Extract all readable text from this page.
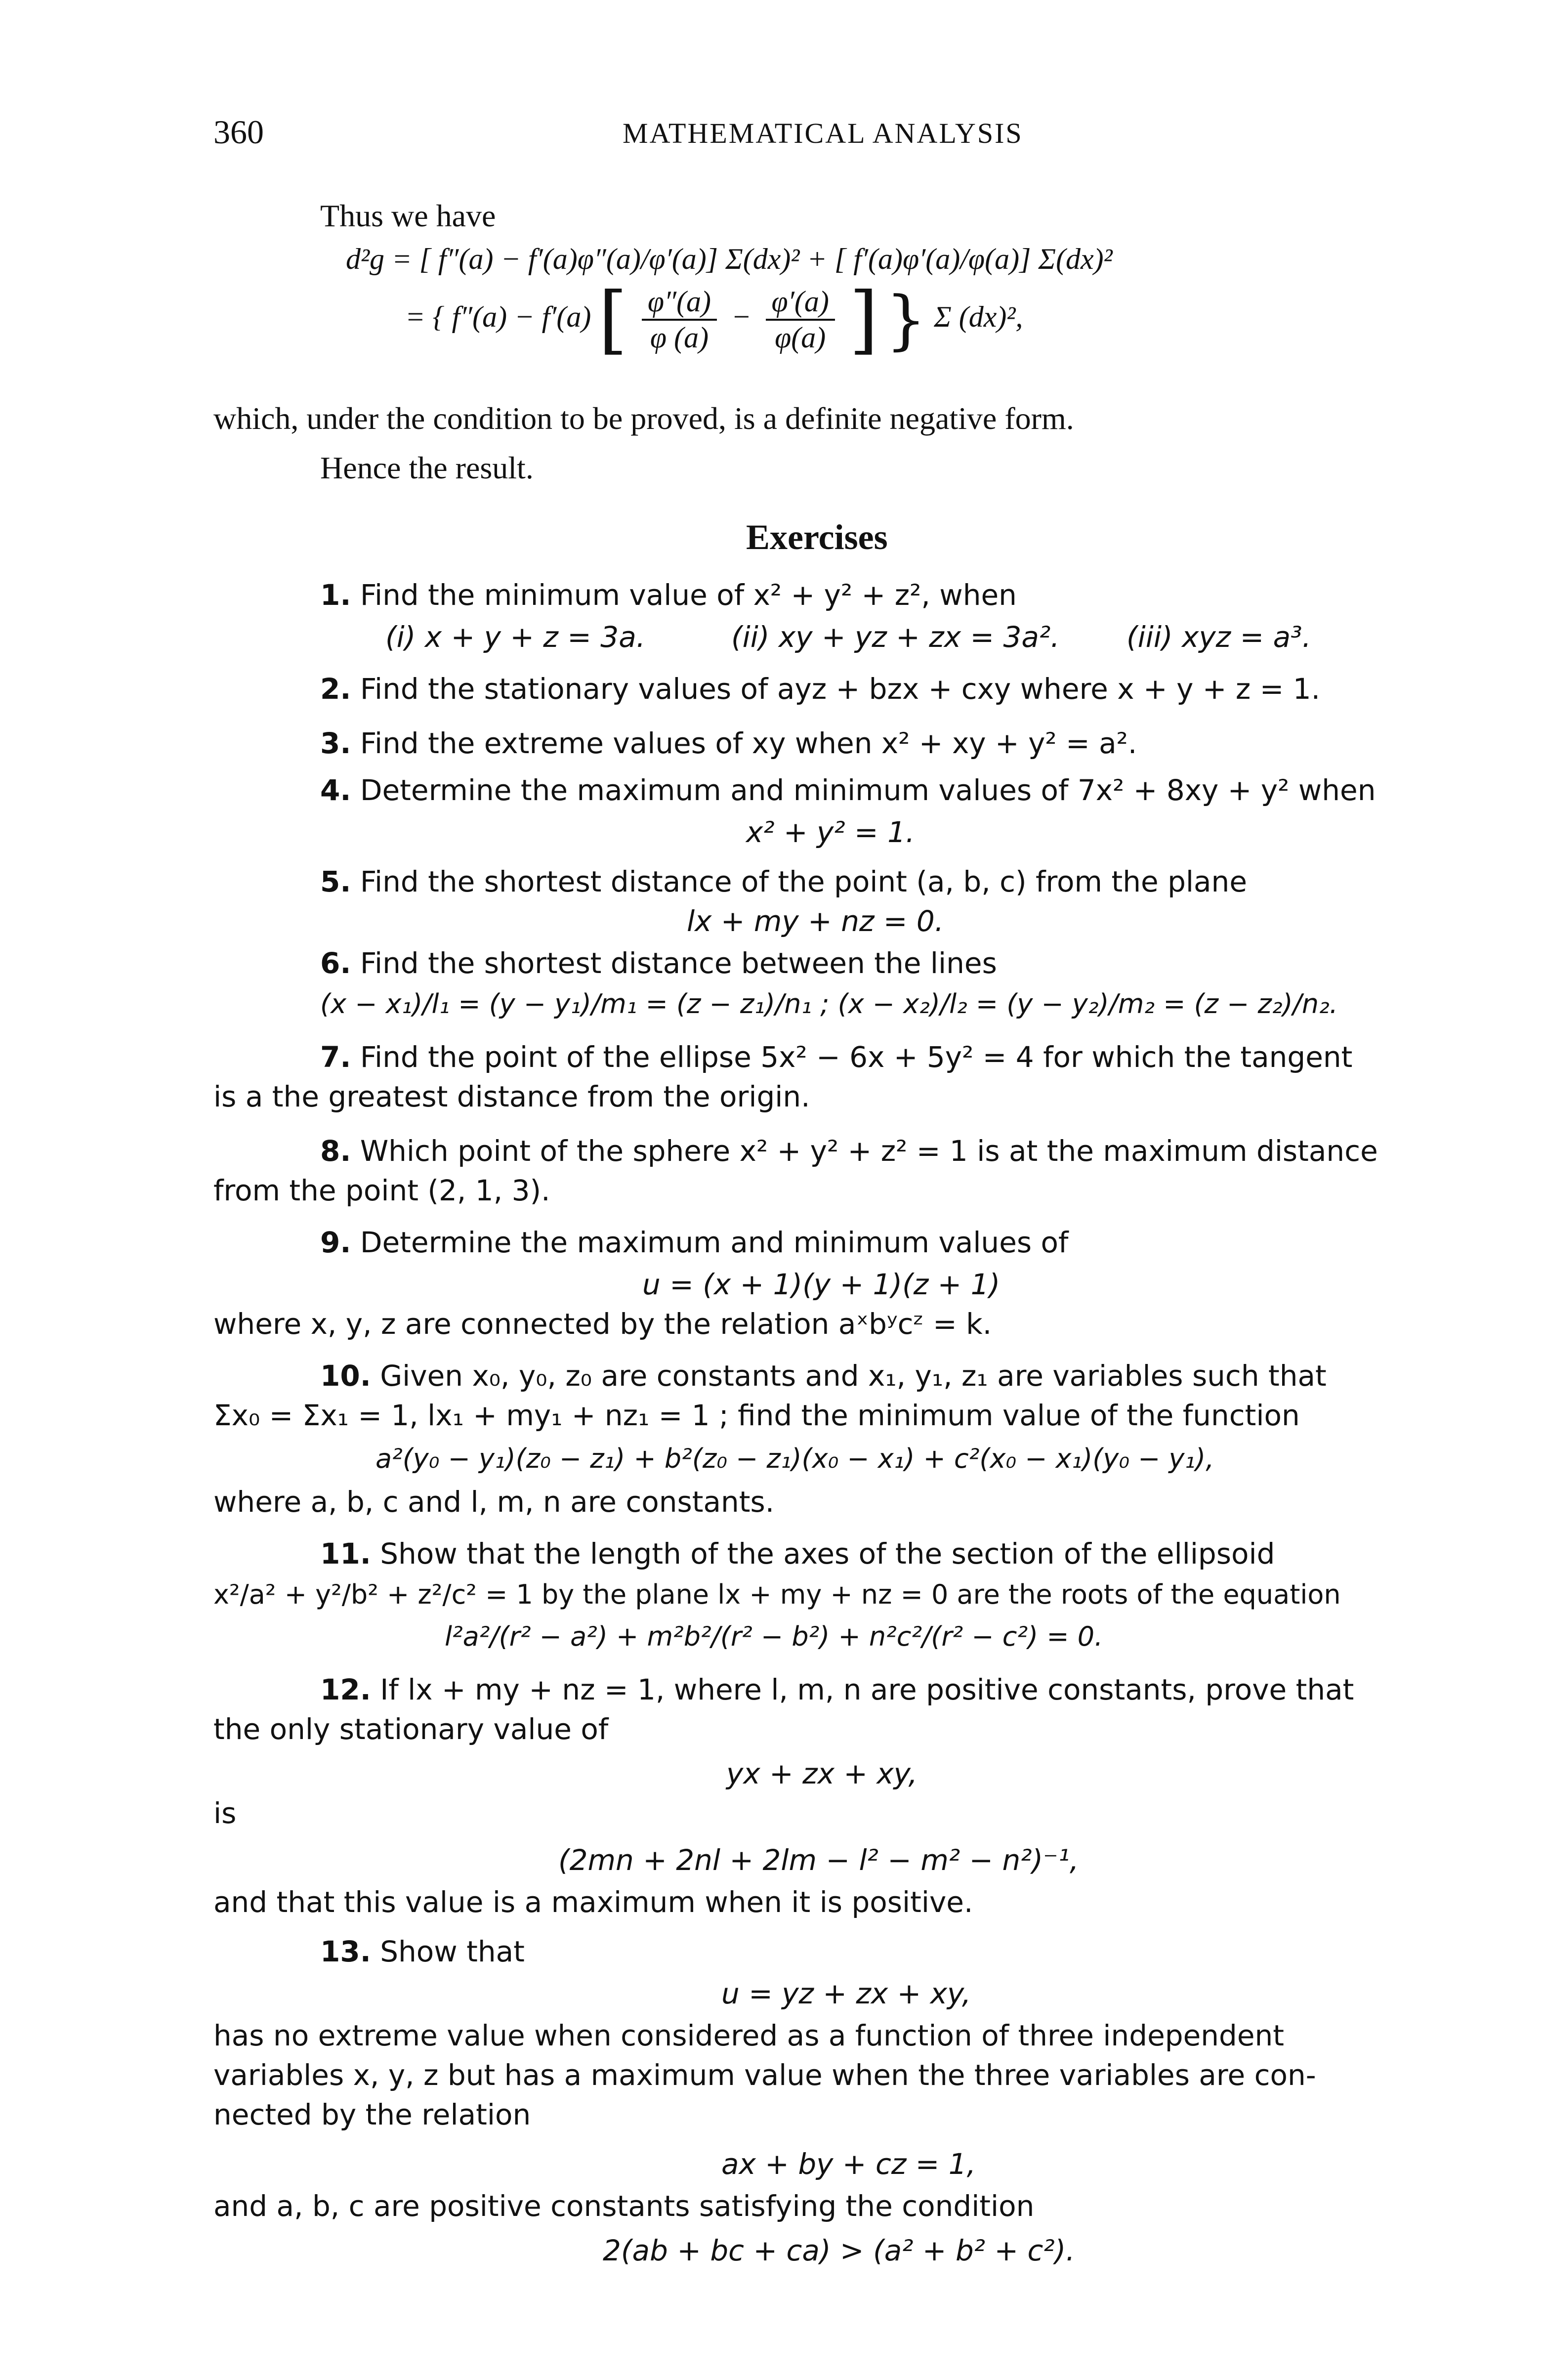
360	MATHEMATICAL ANALYSIS
Thus we have
d²g = [ f″(a) − f′(a)φ″(a)/φ′(a)] Σ(dx)² + [ f′(a)φ′(a)/φ(a)] Σ(dx)²
= { f″(a) − f′(a) [ $\frac{\varphi''(a)}{\varphi (a)} - \frac{\varphi'(a)}{\varphi(a)}$ ] } Σ (dx)²,
which, under the condition to be proved, is a definite negative form.
Hence the result.
Exercises
1. Find the minimum value of x² + y² + z², when
(i) x + y + z = 3a.	(ii) xy + yz + zx = 3a². (iii) xyz = a³.
2. Find the stationary values of ayz + bzx + cxy where x + y + z = 1.
3. Find the extreme values of xy when x² + xy + y² = a².
4. Determine the maximum and minimum values of 7x² + 8xy + y² when
x² + y² = 1.
5. Find the shortest distance of the point (a, b, c) from the plane
lx + my + nz = 0.
6. Find the shortest distance between the lines
(x − x₁)/l₁ = (y − y₁)/m₁ = (z − z₁)/n₁ ; (x − x₂)/l₂ = (y − y₂)/m₂ = (z − z₂)/n₂.
7. Find the point of the ellipse 5x² − 6x + 5y² = 4 for which the tangent
is a the greatest distance from the origin.
8. Which point of the sphere x² + y² + z² = 1 is at the maximum distance
from the point (2, 1, 3).
9. Determine the maximum and minimum values of
u = (x + 1)(y + 1)(z + 1)
where x, y, z are connected by the relation aˣbʸcᶻ = k.
10. Given x₀, y₀, z₀ are constants and x₁, y₁, z₁ are variables such that
Σx₀ = Σx₁ = 1, lx₁ + my₁ + nz₁ = 1 ; find the minimum value of the function
a²(y₀ − y₁)(z₀ − z₁) + b²(z₀ − z₁)(x₀ − x₁) + c²(x₀ − x₁)(y₀ − y₁),
where a, b, c and l, m, n are constants.
11. Show that the length of the axes of the section of the ellipsoid
x²/a² + y²/b² + z²/c² = 1 by the plane lx + my + nz = 0 are the roots of the equation
l²a²/(r² − a²) + m²b²/(r² − b²) + n²c²/(r² − c²) = 0.
12. If lx + my + nz = 1, where l, m, n are positive constants, prove that
the only stationary value of
yx + zx + xy,
is
(2mn + 2nl + 2lm − l² − m² − n²)⁻¹,
and that this value is a maximum when it is positive.
13. Show that
u = yz + zx + xy,
has no extreme value when considered as a function of three independent
variables x, y, z but has a maximum value when the three variables are con-
nected by the relation
ax + by + cz = 1,
and a, b, c are positive constants satisfying the condition
2(ab + bc + ca) > (a² + b² + c²).
